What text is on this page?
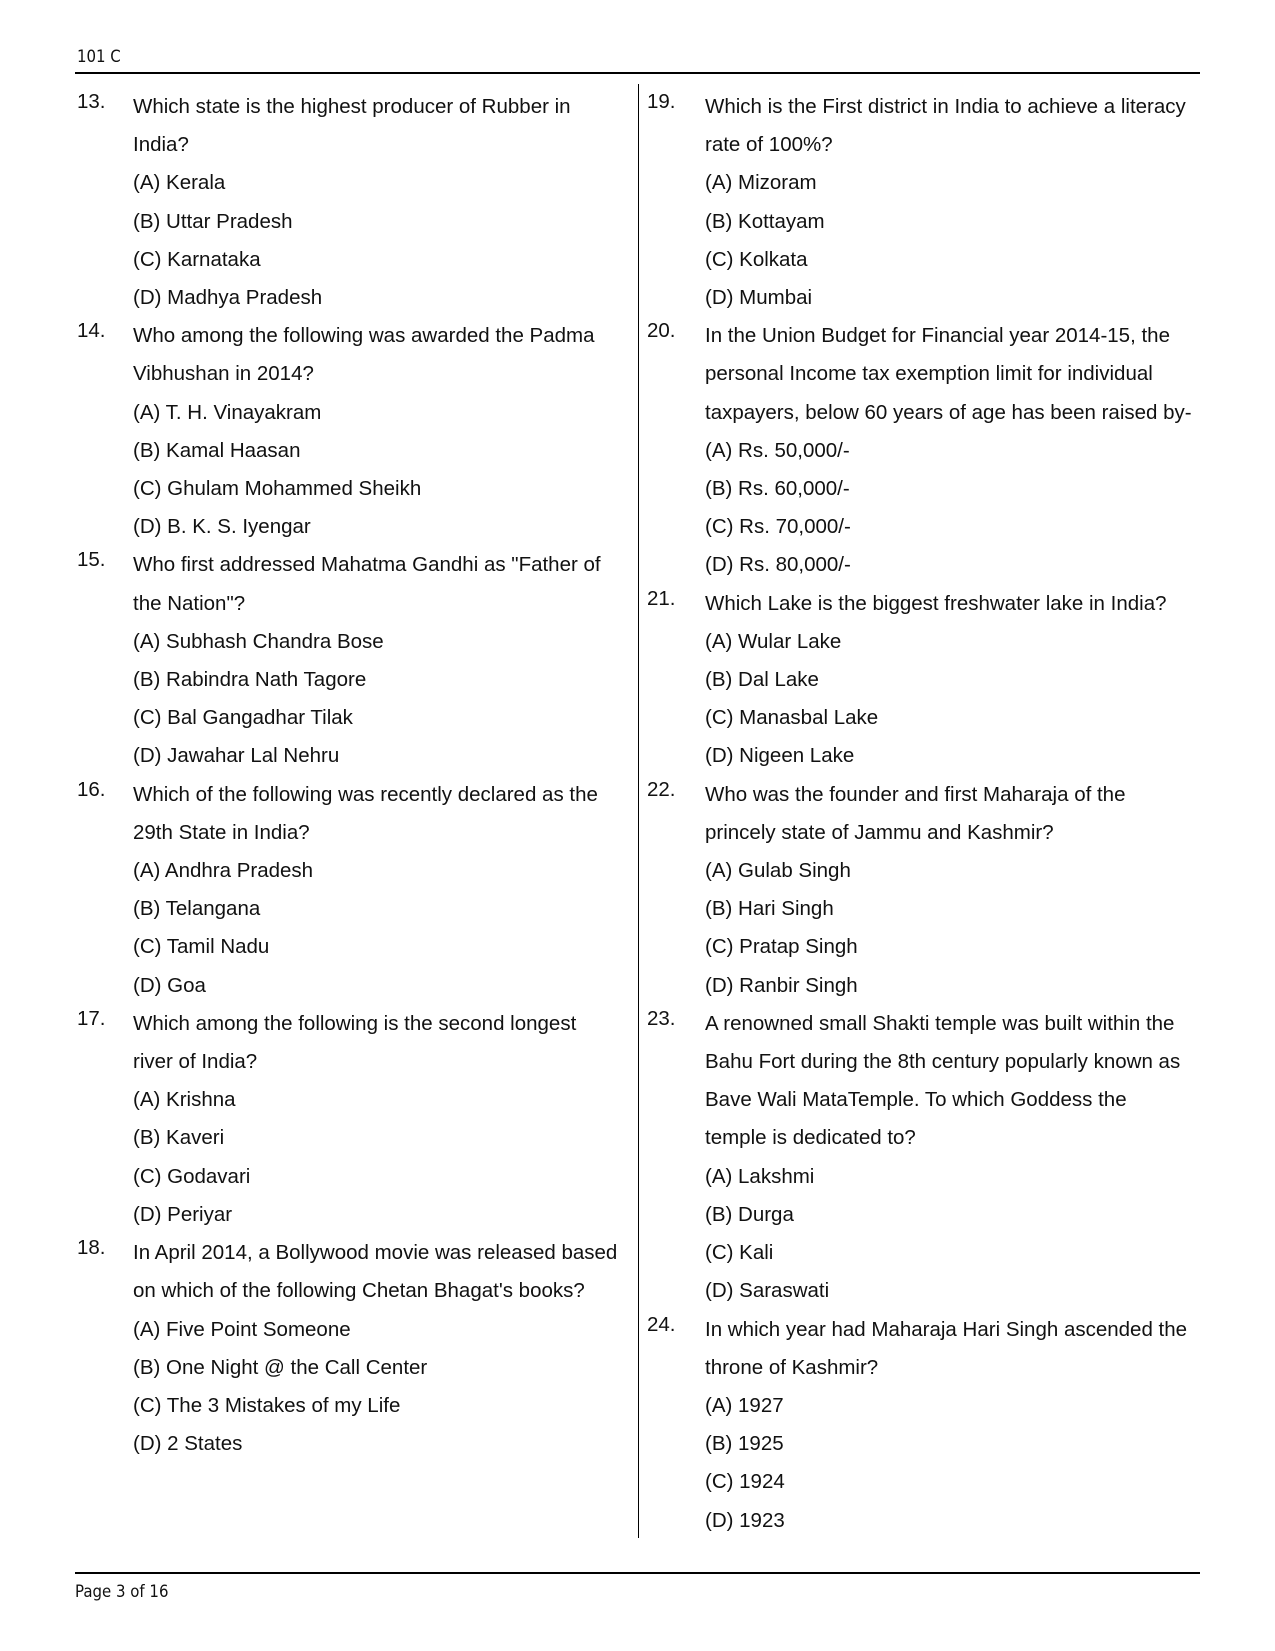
101 C
13. Which state is the highest producer of Rubber in
India?
(A) Kerala
(B) Uttar Pradesh
(C) Karnataka
(D) Madhya Pradesh
14. Who among the following was awarded the Padma
Vibhushan in 2014?
(A) T. H. Vinayakram
(B) Kamal Haasan
(C) Ghulam Mohammed Sheikh
(D) B. K. S. Iyengar
15. Who first addressed Mahatma Gandhi as "Father of
the Nation"?
(A) Subhash Chandra Bose
(B) Rabindra Nath Tagore
(C) Bal Gangadhar Tilak
(D) Jawahar Lal Nehru
16. Which of the following was recently declared as the
29th State in India?
(A) Andhra Pradesh
(B) Telangana
(C) Tamil Nadu
(D) Goa
17. Which among the following is the second longest
river of India?
(A) Krishna
(B) Kaveri
(C) Godavari
(D) Periyar
18. In April 2014, a Bollywood movie was released based
on which of the following Chetan Bhagat's books?
(A) Five Point Someone
(B) One Night @ the Call Center
(C) The 3 Mistakes of my Life
(D) 2 States
19. Which is the First district in India to achieve a literacy
rate of 100%?
(A) Mizoram
(B) Kottayam
(C) Kolkata
(D) Mumbai
20. In the Union Budget for Financial year 2014-15, the
personal Income tax exemption limit for individual
taxpayers, below 60 years of age has been raised by-
(A) Rs. 50,000/-
(B) Rs. 60,000/-
(C) Rs. 70,000/-
(D) Rs. 80,000/-
21. Which Lake is the biggest freshwater lake in India?
(A) Wular Lake
(B) Dal Lake
(C) Manasbal Lake
(D) Nigeen Lake
22. Who was the founder and first Maharaja of the
princely state of Jammu and Kashmir?
(A) Gulab Singh
(B) Hari Singh
(C) Pratap Singh
(D) Ranbir Singh
23. A renowned small Shakti temple was built within the
Bahu Fort during the 8th century popularly known as
Bave Wali MataTemple. To which Goddess the
temple is dedicated to?
(A) Lakshmi
(B) Durga
(C) Kali
(D) Saraswati
24. In which year had Maharaja Hari Singh ascended the
throne of Kashmir?
(A) 1927
(B) 1925
(C) 1924
(D) 1923
Page 3 of 16
